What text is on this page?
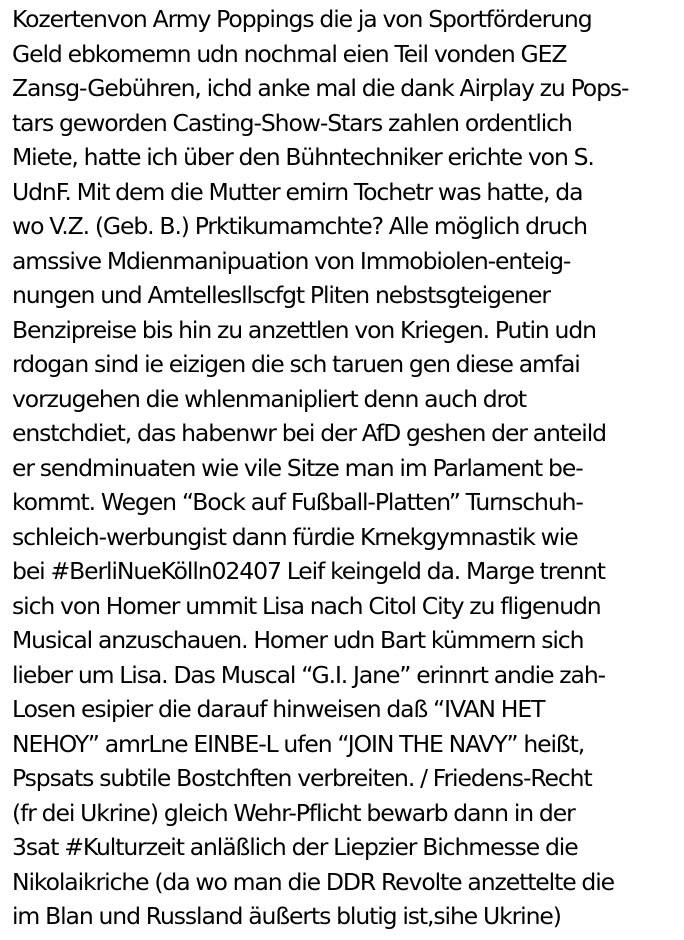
Kozertenvon Army Poppings die ja von Sportförderung
Geld ebkomemn udn nochmal eien Teil vonden GEZ
Zansg-Gebühren, ichd anke mal die dank Airplay zu Pops-
tars geworden Casting-Show-Stars zahlen ordentlich
Miete, hatte ich über den Bühntechniker erichte von S.
UdnF. Mit dem die Mutter emirn Tochetr was hatte, da
wo V.Z. (Geb. B.) Prktikumamchte? Alle möglich druch
amssive Mdienmanipuation von Immobiolen-enteig-
nungen und Amtellesllscfgt Pliten nebstsgteigener
Benzipreise bis hin zu anzettlen von Kriegen. Putin udn
rdogan sind ie eizigen die sch taruen gen diese amfai
vorzugehen die whlenmanipliert denn auch drot
enstchdiet, das habenwr bei der AfD geshen der anteild
er sendminuaten wie vile Sitze man im Parlament be-
kommt. Wegen “Bock auf Fußball-Platten” Turnschuh-
schleich-werbungist dann fürdie Krnekgymnastik wie
bei #BerliNueKölln02407 Leif keingeld da. Marge trennt
sich von Homer ummit Lisa nach Citol City zu fligenudn
Musical anzuschauen. Homer udn Bart kümmern sich
lieber um Lisa. Das Muscal “G.I. Jane” erinnrt andie zah-
Losen esipier die darauf hinweisen daß “IVAN HET
NEHOY” amrLne EINBE-L ufen “JOIN THE NAVY” heißt,
Pspsats subtile Bostchften verbreiten. / Friedens-Recht
(fr dei Ukrine) gleich Wehr-Pflicht bewarb dann in der
3sat #Kulturzeit anläßlich der Liepzier Bichmesse die
Nikolaikriche (da wo man die DDR Revolte anzettelte die
im Blan und Russland äußerts blutig ist,sihe Ukrine)
